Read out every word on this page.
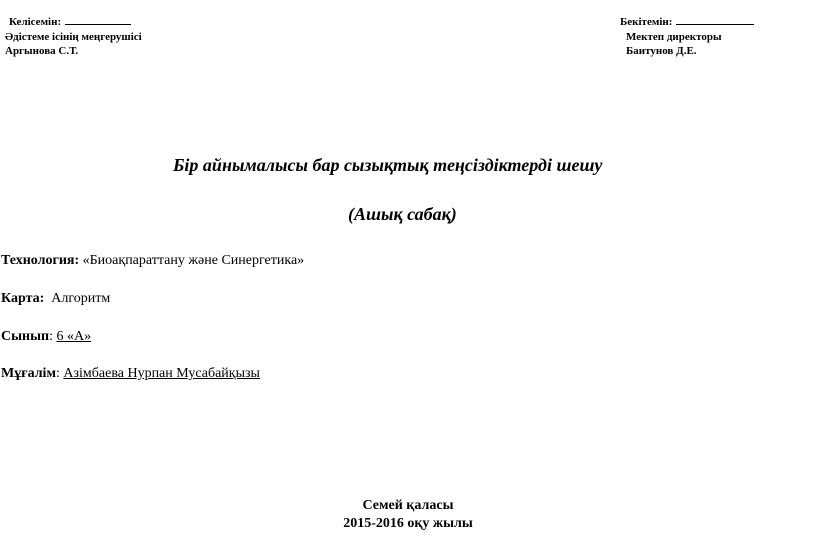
Келісемін:
Әдістеме ісінің меңгерушісі
Аргынова С.Т.
Бекітемін:
Мектеп директоры
Баитунов Д.Е.
Бір айнымалысы бар сызықтық теңсіздіктерді шешу
(Ашық сабақ)
Технология: «Биоақпараттану және Синергетика»
Карта: Алгоритм
Сынып: 6 «А»
Мұғалім: Азімбаева Нурпан Мусабайқызы
Семей қаласы
2015-2016 оқу жылы
